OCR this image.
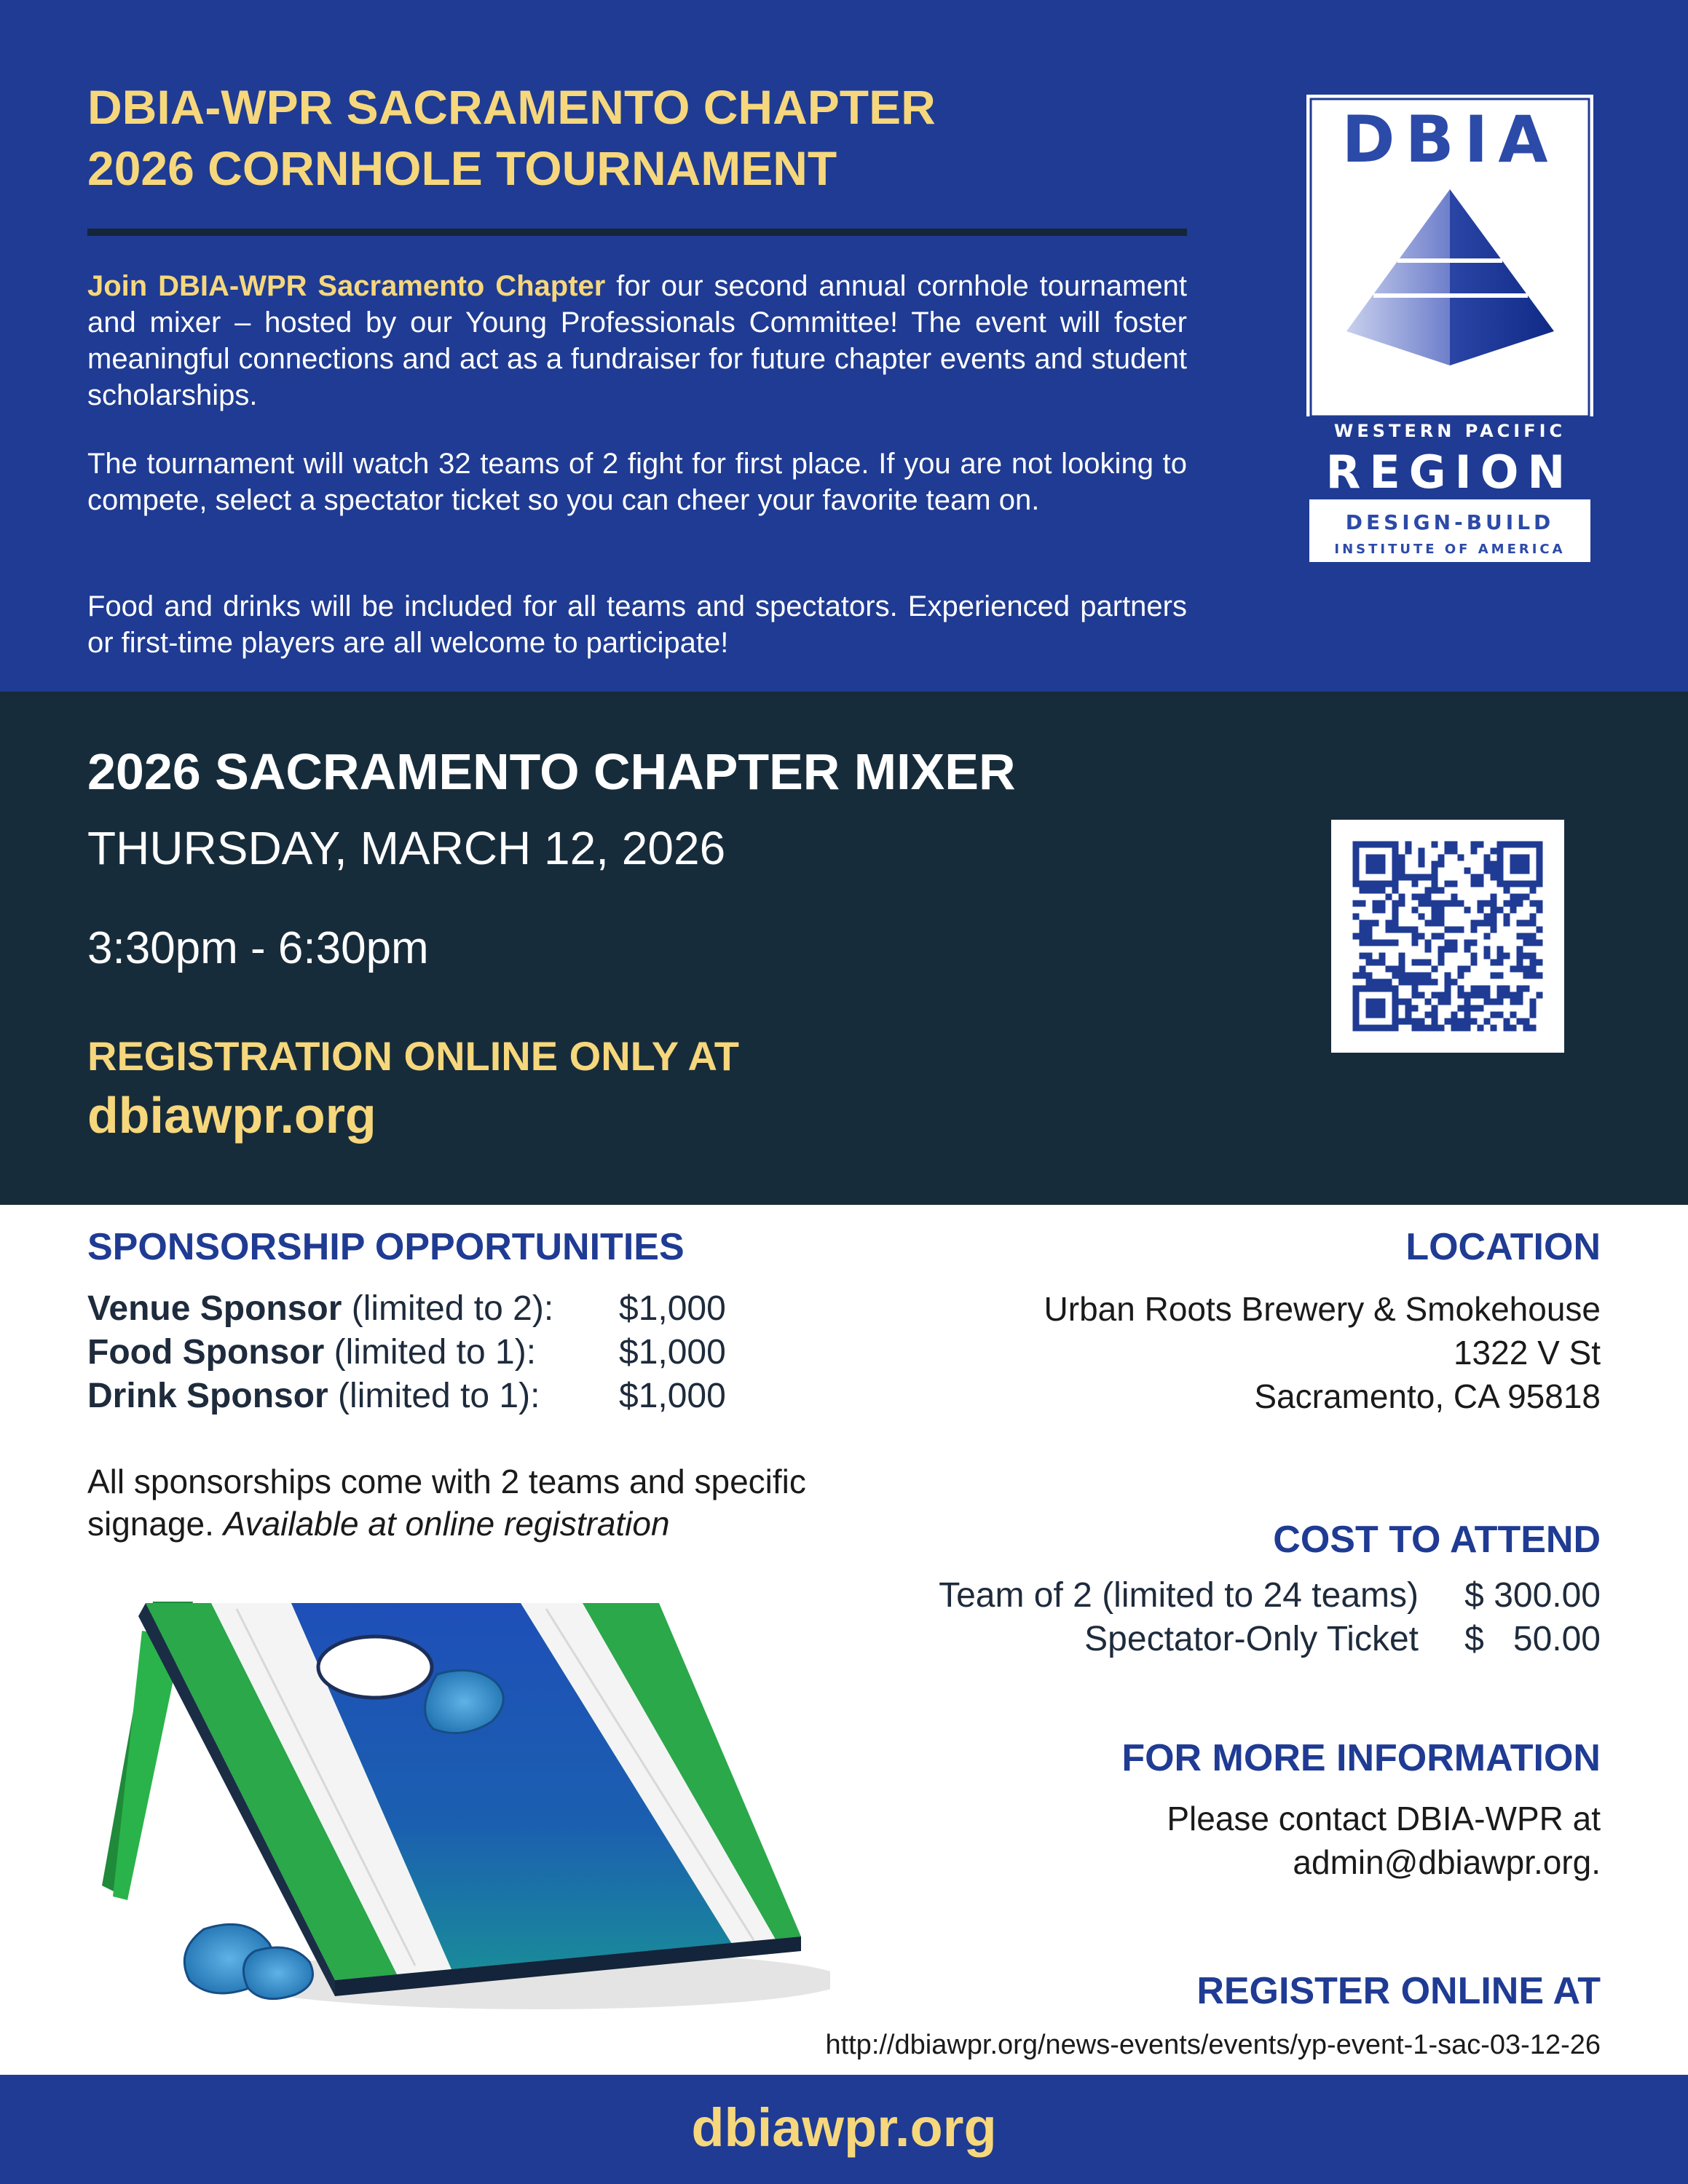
DBIA-WPR SACRAMENTO CHAPTER
2026 CORNHOLE TOURNAMENT
Join DBIA-WPR Sacramento Chapter for our second annual cornhole tournament and mixer – hosted by our Young Professionals Committee! The event will foster meaningful connections and act as a fundraiser for future chapter events and student scholarships.
The tournament will watch 32 teams of 2 fight for first place. If you are not looking to compete, select a spectator ticket so you can cheer your favorite team on.
Food and drinks will be included for all teams and spectators. Experienced partners or first-time players are all welcome to participate!
DBIA
WESTERN PACIFIC
REGION
DESIGN-BUILD
INSTITUTE OF AMERICA
2026 SACRAMENTO CHAPTER MIXER
THURSDAY, MARCH 12, 2026
3:30pm - 6:30pm
REGISTRATION ONLINE ONLY AT
dbiawpr.org
SPONSORSHIP OPPORTUNITIES
Venue Sponsor (limited to 2): $1,000
Food Sponsor (limited to 1): $1,000
Drink Sponsor (limited to 1): $1,000
All sponsorships come with 2 teams and specific signage. Available at online registration
LOCATION
Urban Roots Brewery & Smokehouse
1322 V St
Sacramento, CA 95818
COST TO ATTEND
Team of 2 (limited to 24 teams) $ 300.00
Spectator-Only Ticket $   50.00
FOR MORE INFORMATION
Please contact DBIA-WPR at
admin@dbiawpr.org.
REGISTER ONLINE AT
http://dbiawpr.org/news-events/events/yp-event-1-sac-03-12-26
dbiawpr.org
